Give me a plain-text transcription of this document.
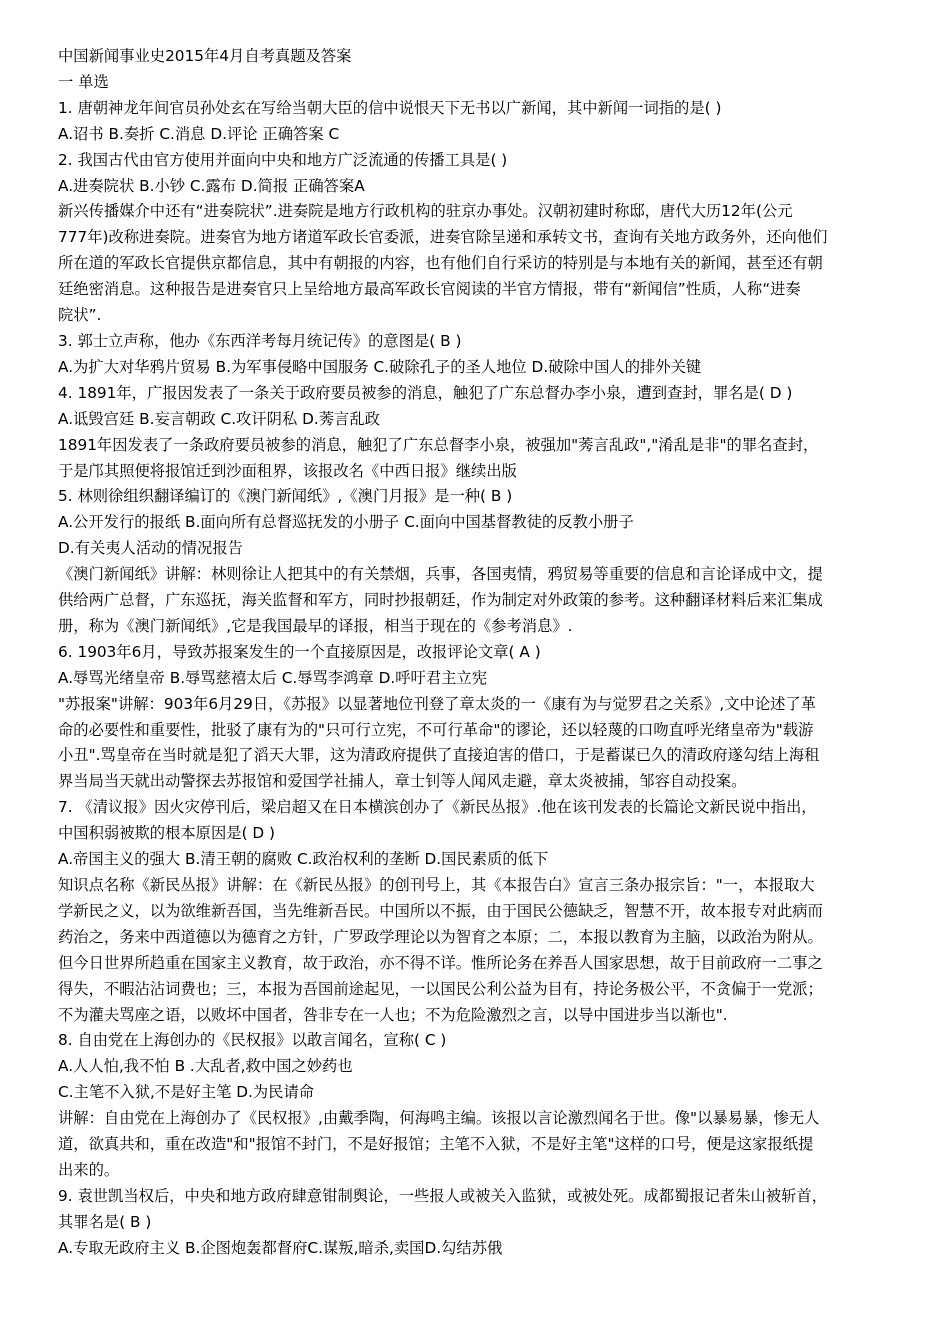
中国新闻事业史2015年4月自考真题及答案
一 单选
1. 唐朝神龙年间官员孙处玄在写给当朝大臣的信中说恨天下无书以广新闻，其中新闻一词指的是( )
A.诏书 B.奏折 C.消息 D.评论 正确答案 C
2. 我国古代由官方使用并面向中央和地方广泛流通的传播工具是( )
A.进奏院状 B.小钞 C.露布 D.简报 正确答案A
新兴传播媒介中还有“进奏院状”.进奏院是地方行政机构的驻京办事处。汉朝初建时称邸，唐代大历12年(公元
777年)改称进奏院。进奏官为地方诸道军政长官委派，进奏官除呈递和承转文书，查询有关地方政务外，还向他们
所在道的军政长官提供京都信息，其中有朝报的内容，也有他们自行采访的特别是与本地有关的新闻，甚至还有朝
廷绝密消息。这种报告是进奏官只上呈给地方最高军政长官阅读的半官方情报，带有“新闻信”性质，人称“进奏
院状”.
3. 郭士立声称，他办《东西洋考每月统记传》的意图是( B )
A.为扩大对华鸦片贸易 B.为军事侵略中国服务 C.破除孔子的圣人地位 D.破除中国人的排外关键
4. 1891年，广报因发表了一条关于政府要员被参的消息，触犯了广东总督办李小泉，遭到查封，罪名是( D )
A.诋毁宫廷 B.妄言朝政 C.攻讦阴私 D.莠言乱政
1891年因发表了一条政府要员被参的消息，触犯了广东总督李小泉，被强加"莠言乱政","淆乱是非"的罪名查封，
于是邝其照便将报馆迁到沙面租界，该报改名《中西日报》继续出版
5. 林则徐组织翻译编订的《澳门新闻纸》,《澳门月报》是一种( B )
A.公开发行的报纸 B.面向所有总督巡抚发的小册子 C.面向中国基督教徒的反教小册子
D.有关夷人活动的情况报告
《澳门新闻纸》讲解：林则徐让人把其中的有关禁烟，兵事，各国夷情，鸦贸易等重要的信息和言论译成中文，提
供给两广总督，广东巡抚，海关监督和军方，同时抄报朝廷，作为制定对外政策的参考。这种翻译材料后来汇集成
册，称为《澳门新闻纸》,它是我国最早的译报，相当于现在的《参考消息》.
6. 1903年6月，导致苏报案发生的一个直接原因是，改报评论文章( A )
A.辱骂光绪皇帝 B.辱骂慈禧太后 C.辱骂李鸿章 D.呼吁君主立宪
"苏报案"讲解：903年6月29日，《苏报》以显著地位刊登了章太炎的一《康有为与觉罗君之关系》,文中论述了革
命的必要性和重要性，批驳了康有为的"只可行立宪，不可行革命"的谬论，还以轻蔑的口吻直呼光绪皇帝为"载游
小丑".骂皇帝在当时就是犯了滔天大罪，这为清政府提供了直接迫害的借口，于是蓄谋已久的清政府遂勾结上海租
界当局当天就出动警探去苏报馆和爱国学社捕人，章士钊等人闻风走避，章太炎被捕，邹容自动投案。
7. 《清议报》因火灾停刊后，梁启超又在日本横滨创办了《新民丛报》.他在该刊发表的长篇论文新民说中指出，
中国积弱被欺的根本原因是( D )
A.帝国主义的强大 B.清王朝的腐败 C.政治权利的垄断 D.国民素质的低下
知识点名称《新民丛报》讲解：在《新民丛报》的创刊号上，其《本报告白》宣言三条办报宗旨："一，本报取大
学新民之义，以为欲维新吾国，当先维新吾民。中国所以不振，由于国民公德缺乏，智慧不开，故本报专对此病而
药治之，务来中西道德以为德育之方针，广罗政学理论以为智育之本原；二，本报以教育为主脑，以政治为附从。
但今日世界所趋重在国家主义教育，故于政治，亦不得不详。惟所论务在养吾人国家思想，故于目前政府一二事之
得失，不暇沾沾词费也；三，本报为吾国前途起见，一以国民公利公益为目有，持论务极公平，不贪偏于一党派；
不为灌夫骂座之语，以败坏中国者，咎非专在一人也；不为危险激烈之言，以导中国进步当以渐也".
8. 自由党在上海创办的《民权报》以敢言闻名，宣称( C )
A.人人怕,我不怕 B .大乱者,救中国之妙药也
C.主笔不入狱,不是好主笔 D.为民请命
讲解：自由党在上海创办了《民权报》,由戴季陶，何海鸣主编。该报以言论激烈闻名于世。像"以暴易暴，惨无人
道，欲真共和，重在改造"和"报馆不封门，不是好报馆；主笔不入狱，不是好主笔"这样的口号，便是这家报纸提
出来的。
9. 袁世凯当权后，中央和地方政府肆意钳制舆论，一些报人或被关入监狱，或被处死。成都蜀报记者朱山被斩首，
其罪名是( B )
A.专取无政府主义 B.企图炮轰都督府C.谋叛,暗杀,卖国D.勾结苏俄
